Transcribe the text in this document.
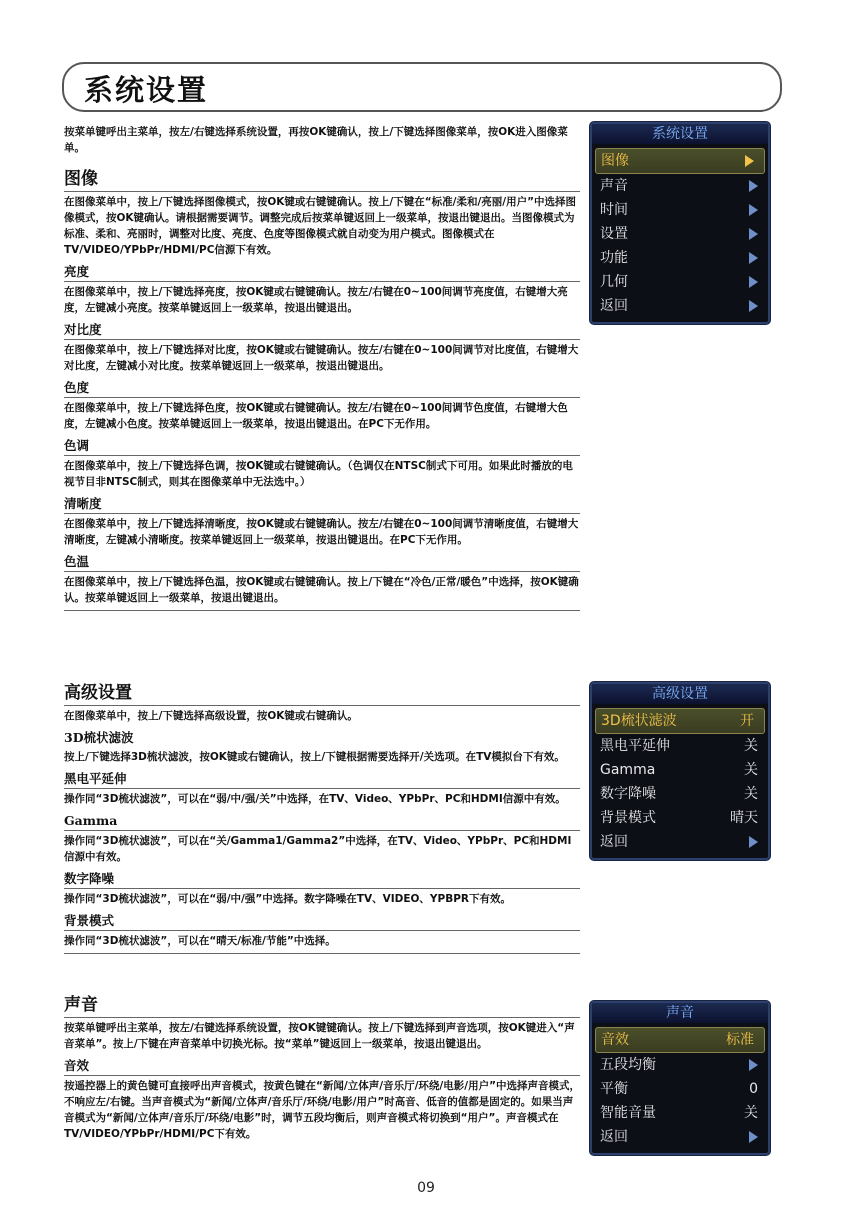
系统设置

按菜单键呼出主菜单，按左/右键选择系统设置，再按OK键确认，按上/下键选择图像菜单，按OK进入图像菜单。

图像

在图像菜单中，按上/下键选择图像模式，按OK键或右键键确认。按上/下键在“标准/柔和/亮丽/用户”中选择图像模式，按OK键确认。请根据需要调节。调整完成后按菜单键返回上一级菜单，按退出键退出。当图像模式为标准、柔和、亮丽时，调整对比度、亮度、色度等图像模式就自动变为用户模式。图像模式在TV/VIDEO/YPbPr/HDMI/PC信源下有效。

亮度

在图像菜单中，按上/下键选择亮度，按OK键或右键键确认。按左/右键在0~100间调节亮度值，右键增大亮度，左键减小亮度。按菜单键返回上一级菜单，按退出键退出。

对比度

在图像菜单中，按上/下键选择对比度，按OK键或右键键确认。按左/右键在0~100间调节对比度值，右键增大对比度，左键减小对比度。按菜单键返回上一级菜单，按退出键退出。

色度

在图像菜单中，按上/下键选择色度，按OK键或右键键确认。按左/右键在0~100间调节色度值，右键增大色度，左键减小色度。按菜单键返回上一级菜单，按退出键退出。在PC下无作用。

色调

在图像菜单中，按上/下键选择色调，按OK键或右键键确认。（色调仅在NTSC制式下可用。如果此时播放的电视节目非NTSC制式，则其在图像菜单中无法选中。）

清晰度

在图像菜单中，按上/下键选择清晰度，按OK键或右键键确认。按左/右键在0~100间调节清晰度值，右键增大清晰度，左键减小清晰度。按菜单键返回上一级菜单，按退出键退出。在PC下无作用。

色温

在图像菜单中，按上/下键选择色温，按OK键或右键键确认。按上/下键在“冷色/正常/暖色”中选择，按OK键确认。按菜单键返回上一级菜单，按退出键退出。

高级设置

在图像菜单中，按上/下键选择高级设置，按OK键或右键确认。

3D梳状滤波

按上/下键选择3D梳状滤波，按OK键或右键确认，按上/下键根据需要选择开/关选项。在TV模拟台下有效。

黑电平延伸

操作同“3D梳状滤波”，可以在“弱/中/强/关”中选择，在TV、Video、YPbPr、PC和HDMI信源中有效。

Gamma

操作同“3D梳状滤波”，可以在“关/Gamma1/Gamma2”中选择，在TV、Video、YPbPr、PC和HDMI信源中有效。

数字降噪

操作同“3D梳状滤波”，可以在“弱/中/强”中选择。数字降噪在TV、VIDEO、YPBPR下有效。

背景模式

操作同“3D梳状滤波”，可以在“晴天/标准/节能”中选择。

声音

按菜单键呼出主菜单，按左/右键选择系统设置，按OK键键确认。按上/下键选择到声音选项，按OK键进入“声音菜单”。按上/下键在声音菜单中切换光标。按“菜单”键返回上一级菜单，按退出键退出。

音效

按遥控器上的黄色键可直接呼出声音模式，按黄色键在“新闻/立体声/音乐厅/环绕/电影/用户”中选择声音模式，不响应左/右键。当声音模式为“新闻/立体声/音乐厅/环绕/电影/用户”时高音、低音的值都是固定的。如果当声音模式为“新闻/立体声/音乐厅/环绕/电影”时，调节五段均衡后，则声音模式将切换到“用户”。声音模式在TV/VIDEO/YPbPr/HDMI/PC下有效。

系统设置
图像
声音
时间
设置
功能
几何
返回
高级设置
3D梳状滤波	开
黑电平延伸	关
Gamma	关
数字降噪	关
背景模式	晴天
返回
声音
音效	标准
五段均衡
平衡	0
智能音量	关
返回
09
